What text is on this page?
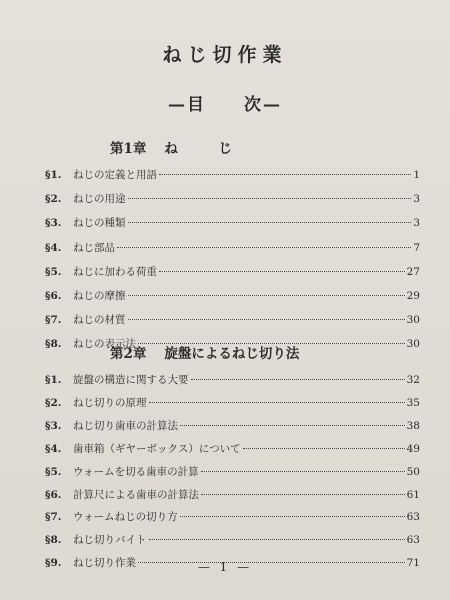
ねじ切作業
—目　　次—
第1章 ね　　　じ
§1.	ねじの定義と用語	1
§2.	ねじの用途	3
§3.	ねじの種類	3
§4.	ねじ部品	7
§5.	ねじに加わる荷重	27
§6.	ねじの摩擦	29
§7.	ねじの材質	30
§8.	ねじの表示法	30
第2章 旋盤によるねじ切り法
§1.	旋盤の構造に関する大要	32
§2.	ねじ切りの原理	35
§3.	ねじ切り歯車の計算法	38
§4.	歯車箱（ギヤーボックス）について	49
§5.	ウォームを切る歯車の計算	50
§6.	計算尺による歯車の計算法	61
§7.	ウォームねじの切り方	63
§8.	ねじ切りバイト	63
§9.	ねじ切り作業	71
— 1 —
